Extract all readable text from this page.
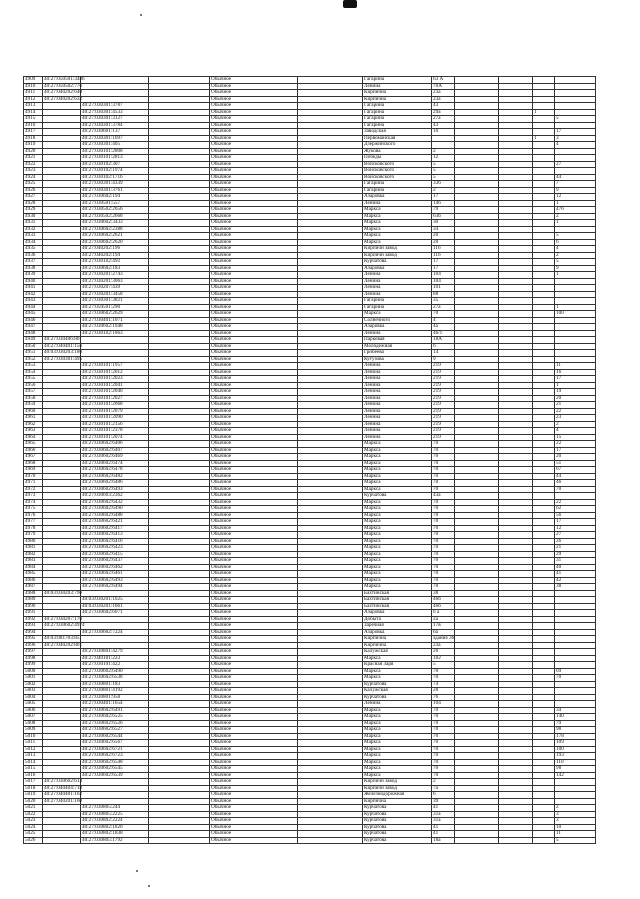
4909	40:27:050501:3486			Обычное		Гагарина	63 А				
4910	40:27:050502:776			Обычное		Ленина	70А				
4911	40:27:040202:640			Обычное		Кирпична	23а				
4912	40:27:040202:632			Обычное		Кирпична	23а				
4913		40:27:030301:3787		Обычное		Гагарина	43				
4914		40:27:030301:4533		Обычное		Гагарина	29а			1	
4915		40:27:030301:3127		Обычное		Гагарина	27а				5
4916		40:27:030301:3784		Обычное		Гагарина	43				
4917		40:27:030601:137		Обычное		Заводская	10				17
4918		40:27:030301:1697		Обычное		Первомайская				1	3
4919		40:27:030301:405		Обычное		Дзержинского					4
4920		40:27:030101:2808		Обычное		Жукова	2				
4921		40:27:030101:2813		Обычное		Победы	12				
4922		40:27:030102:307		Обычное		Войсковского	5				27
4923		40:27:030102:1974		Обычное		Войсковского	5				
4924		40:27:030102:1716		Обычное		Войсковского	5				44
4925		40:27:030301:4339		Обычное		Гагарина	336				7
4926		40:27:030301:3761		Обычное		Гагарина	2				9
4927		40:27:030602:194		Обычное		Азаровка	17				12
4928		40:27:030501:557		Обычное		Ленина	146				1
4929		40:27:030502:2656		Обычное		Маркса	79				476
4930		40:27:030502:2668		Обычное		Маркса	63б				2
4931		40:27:030602:3433		Обычное		Маркса	30				1
4932		40:27:030602:2388		Обычное		Маркса	34				
4933		40:27:030602:2621		Обычное		Маркса	20				5
4934		40:27:030602:2620		Обычное		Маркса	20				6
4935		40:27:040202:196		Обычное		Кирпичн завод	116				4
4936		40:27:040202:194		Обычное		Кирпичн завод	116				2
4937		40:27:030102:492		Обычное		Курчатова	17				5
4938		40:27:030602:183		Обычное		Азаровка	17				9
4939		40:27:030201:2743		Обычное		Ленина	104				1
4940		40:27:030201:3063		Обычное		Ленина	104				
4941		40:27:030207:439		Обычное		Ленина	101				
4942		40:27:030201:3458		Обычное		Ленина	88				
4943		40:27:030301:3821		Обычное		Гагарина	35				
4944		40:27:050501:290		Обычное		Гагарина	27а				1
4945		40:27:030602:2629		Обычное		Маркса	70				100
4946		40:27:030401:1071		Обычное		Солнечного	4				
4947		40:27:030602:1048		Обычное		Азаровка	4а				
4948		40:27:030102:1863		Обычное		Ленина	4б/1				
4949	40:27:030406:80			Обычное		Парковая	18А				
4950	40:27:040401:156			Обычное		Молодежная	6				
4951	40:03:030203:186			Обычное		Грибеева	14				
4952	40:27:030301:495			Обычное		Кутузова	9				
4953		40:27:030101:1957		Обычное		Ленина	219				11
4954		40:27:030101:2012		Обычное		Ленина	219				16
4955		40:27:030101:2023		Обычное		Ленина	219				17
4956		40:27:030101:2041		Обычное		Ленина	219				1
4957		40:27:030101:2040		Обычное		Ленина	219				19
4958		40:27:030101:2027		Обычное		Ленина	219				20
4959		40:27:030101:2068		Обычное		Ленина	219				21
4960		40:27:030101:2079		Обычное		Ленина	219				22
4961		40:27:030101:2090		Обычное		Ленина	219				23
4962		40:27:030101:2156		Обычное		Ленина	219				2
4963		40:27:030101:2378		Обычное		Ленина	219				4
4964		40:27:030101:2074		Обычное		Ленина	219				15
4965		40:27:030602:6406		Обычное		Маркса	70				22
4966		40:27:030602:6407		Обычное		Маркса	70				17
4967		40:27:030602:6469		Обычное		Маркса	70				20
4968		40:27:030602:6474		Обычное		Маркса	70				51
4969		40:27:030602:6478		Обычное		Маркса	70				67
4970		40:27:030602:6482		Обычное		Маркса	70				44
4971		40:27:030602:6486		Обычное		Маркса	70				46
4972		40:27:030602:6493		Обычное		Маркса	70				70
4973		40:27:030603:2362		Обычное		Курчатова	43а				
4974		40:27:030602:6432		Обычное		Маркса	70				22
4975		40:27:030602:6490		Обычное		Маркса	70				62
4976		40:27:030602:6488		Обычное		Маркса	70				56
4977		40:27:030602:6421		Обычное		Маркса	70				17
4978		40:27:030602:6417		Обычное		Маркса	70				12
4979		40:27:030602:6413		Обычное		Маркса	70				27
4980		40:27:030602:6416		Обычное		Маркса	70				26
4981		40:27:030602:6423		Обычное		Маркса	70				21
4982		40:27:030602:6415		Обычное		Маркса	70				29
4983		40:27:030602:6437		Обычное		Маркса	70				31
4984		40:27:030602:6462		Обычное		Маркса	70				40
4985		40:27:030602:6461		Обычное		Маркса	70				41
4986		40:27:030602:6493		Обычное		Маркса	70				42
4987		40:27:030602:6494		Обычное		Маркса	70				38
4988	40:03:030203:796			Обычное		Бахтинская	38				
4989		40:03:030201:1025		Обычное		Бахтинская	46б				
4990		40:03:030201:1061		Обычное		Бахтинская	46б				
4991		40:27:030602:6071		Обычное		Азаровка	6 а				
4992	40:27:030207:170			Обычное		Добыта	2а				
4993	40:27:030602:4974			Обычное		Заречная	17в				
4994		40:27:030602:7224		Обычное		Азаровка	6а				
4995	40:03:081703:85			Обычное		Кирпична	здание 36				
4996	40:27:040202:801			Обычное		Кирпична	23а				
4997		40:27:030801:4279		Обычное		Калужская	26				
4998		40:27:040101:223		Обычное		Маркса	102				
4999		40:27:030101:422		Обычное		Красная Заря	5				
5000		40:27:030602:6490		Обычное		Маркса	70				69
5001		40:27:030602:6538		Обычное		Маркса	70				70
5002		40:27:030801:183		Обычное		Курчатова	74				
5003		40:27:030801:4192		Обычное		Калужская	28				
5004		40:27:030801:958		Обычное		Курчатова	76				
5005		40:27:030401:1654		Обычное		Ленина	104				
5006		40:27:030602:6491		Обычное		Маркса	70				34
5007		40:27:030602:6525		Обычное		Маркса	70				140
5008		40:27:030602:6526		Обычное		Маркса	70				79
5009		40:27:030602:6527		Обычное		Маркса	70				98
5010		40:27:030602:6544		Обычное		Маркса	70				178
5011		40:27:030602:6567		Обычное		Маркса	70				109
5012		40:27:030602:6721		Обычное		Маркса	70				100
5013		40:27:030602:6723		Обычное		Маркса	70				193
5014		40:27:030602:6548		Обычное		Маркса	70				110
5015		40:27:030602:6545		Обычное		Маркса	70				98
5016		40:27:030602:6539		Обычное		Маркса	70				142
5017	40:27:030602:613			Обычное		Кирпичн завод	2				
5018	40:27:040404:718			Обычное		Кирпичн завод	7а				
5019	40:27:040401:162			Обычное		Железнодорожная	6				
5020	40:27:040201:160			Обычное		Кирпична	39				
5021		40:27:030805:244		Обычное		Курчатова	41				2
5022		40:27:030805:2225		Обычное		Курчатова	31а				3
5023		40:27:030802:2224		Обычное		Курчатова	31а				3
5024		40:27:030802:1820		Обычное		Курчатова	41				10
5025		40:27:030802:1838		Обычное		Курчатова	41				11
5026		40:27:030805:1792		Обычное		Курчатова	18а				5
